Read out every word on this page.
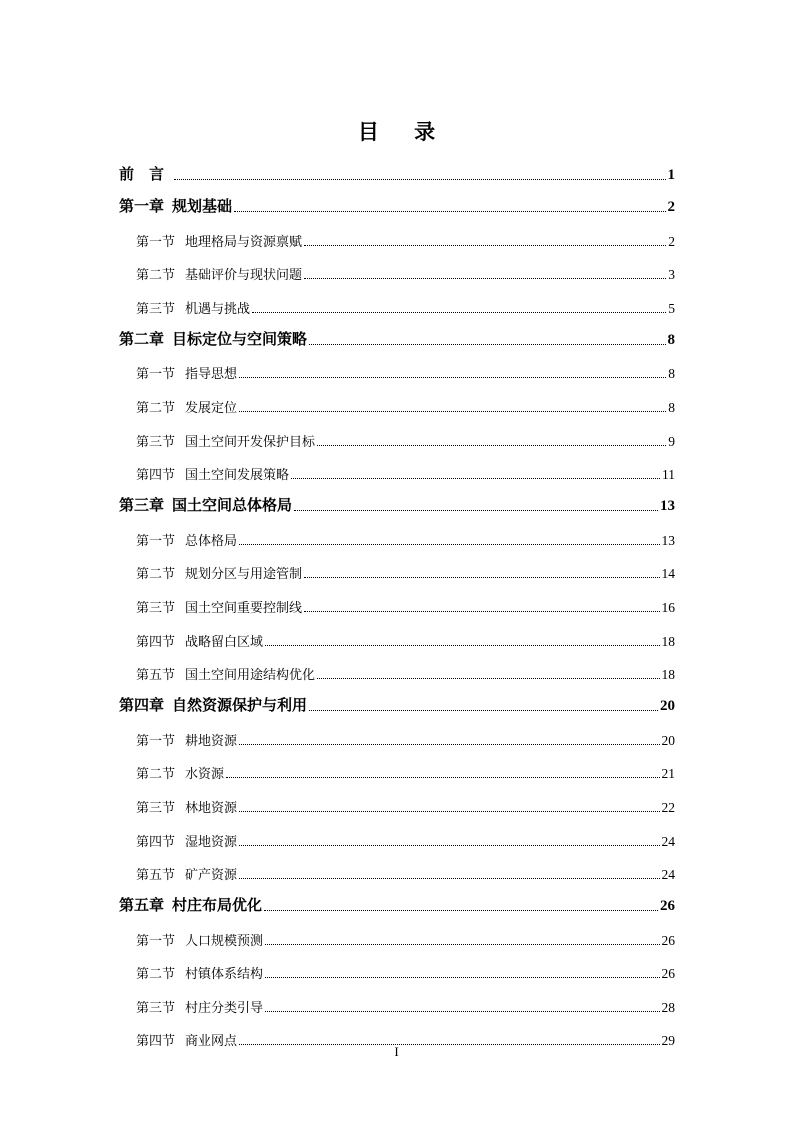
目 录
前　言	1
第一章 规划基础	2
第一节 地理格局与资源禀赋	2
第二节 基础评价与现状问题	3
第三节 机遇与挑战	5
第二章 目标定位与空间策略	8
第一节 指导思想	8
第二节 发展定位	8
第三节 国土空间开发保护目标	9
第四节 国土空间发展策略	11
第三章 国土空间总体格局	13
第一节 总体格局	13
第二节 规划分区与用途管制	14
第三节 国土空间重要控制线	16
第四节 战略留白区域	18
第五节 国土空间用途结构优化	18
第四章 自然资源保护与利用	20
第一节 耕地资源	20
第二节 水资源	21
第三节 林地资源	22
第四节 湿地资源	24
第五节 矿产资源	24
第五章 村庄布局优化	26
第一节 人口规模预测	26
第二节 村镇体系结构	26
第三节 村庄分类引导	28
第四节 商业网点	29
I
